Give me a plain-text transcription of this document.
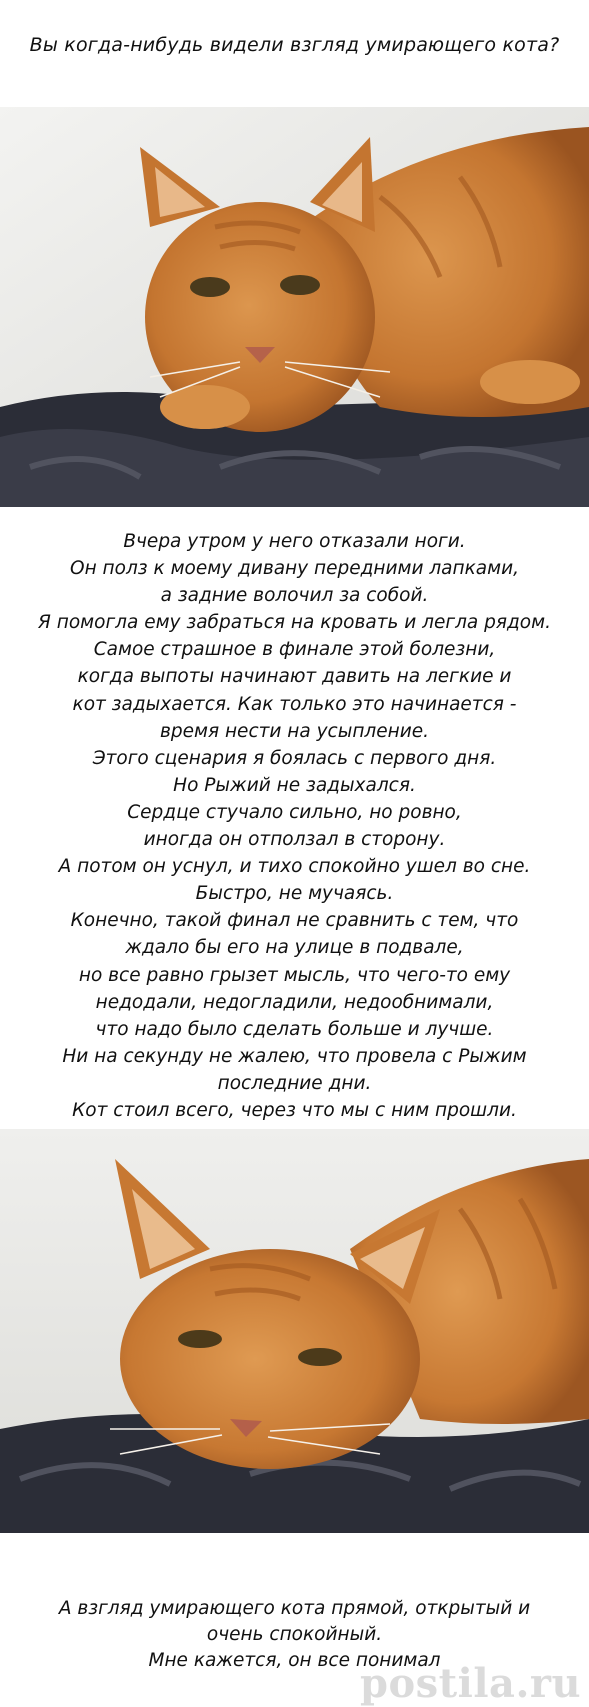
Вы когда-нибудь видели взгляд умирающего кота?
Вчера утром у него отказали ноги.
Он полз к моему дивану передними лапками,
а задние волочил за собой.
Я помогла ему забраться на кровать и легла рядом.
Самое страшное в финале этой болезни,
когда выпоты начинают давить на легкие и
кот задыхается. Как только это начинается -
время нести на усыпление.
Этого сценария я боялась с первого дня.
Но Рыжий не задыхался.
Сердце стучало сильно, но ровно,
иногда он отползал в сторону.
А потом он уснул, и тихо спокойно ушел во сне.
Быстро, не мучаясь.
Конечно, такой финал не сравнить с тем, что
ждало бы его на улице в подвале,
но все равно грызет мысль, что чего-то ему
недодали, недогладили, недообнимали,
что надо было сделать больше и лучше.
Ни на секунду не жалею, что провела с Рыжим
последние дни.
Кот стоил всего, через что мы с ним прошли.
А взгляд умирающего кота прямой, открытый и
очень спокойный.
Мне кажется, он все понимал
postila.ru
